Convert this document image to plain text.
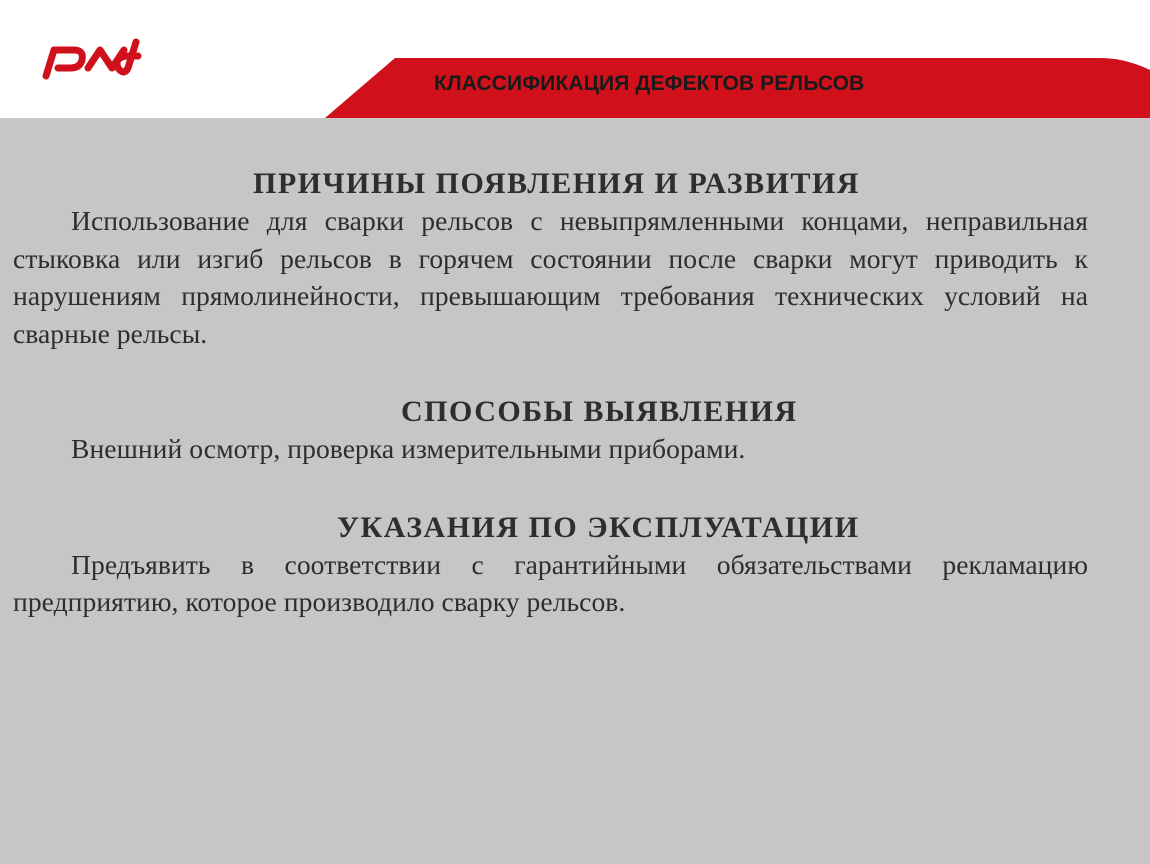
КЛАССИФИКАЦИЯ ДЕФЕКТОВ РЕЛЬСОВ

ПРИЧИНЫ ПОЯВЛЕНИЯ И РАЗВИТИЯ

Использование для сварки рельсов с невыпрямленными концами, неправильная стыковка или изгиб рельсов в горячем состоянии после сварки могут приводить к нарушениям прямолинейности, превышающим требования технических условий на сварные рельсы.

СПОСОБЫ ВЫЯВЛЕНИЯ

Внешний осмотр, проверка измерительными приборами.

УКАЗАНИЯ ПО ЭКСПЛУАТАЦИИ

Предъявить в соответствии с гарантийными обязательствами рекламацию предприятию, которое производило сварку рельсов.
